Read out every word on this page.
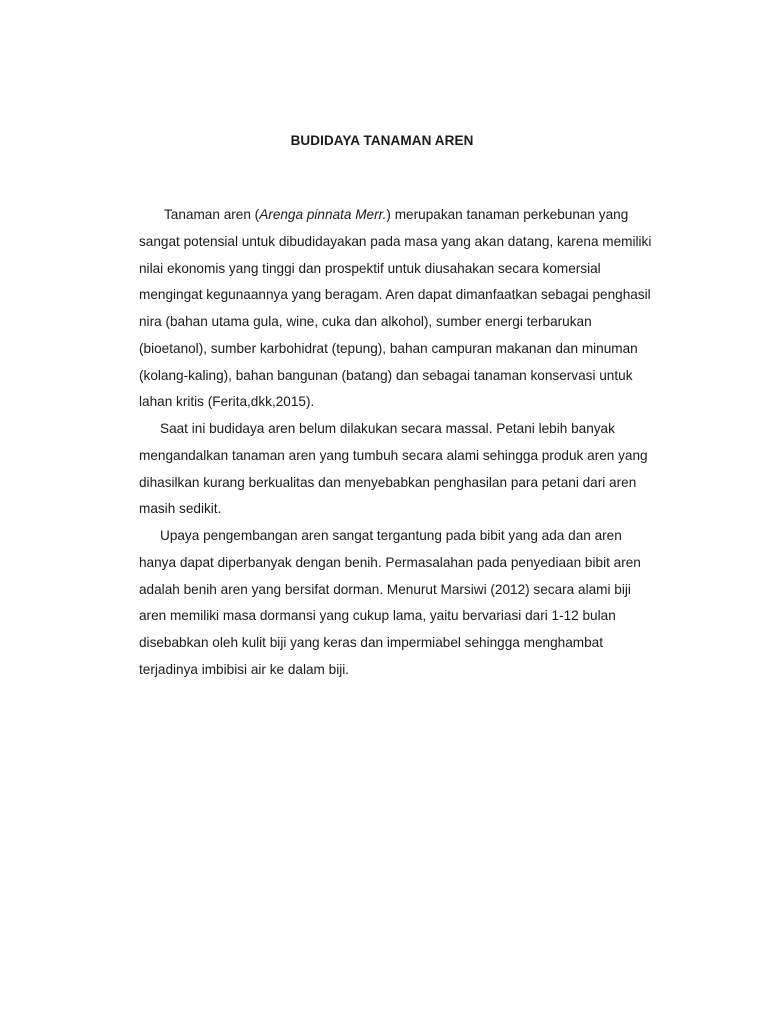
BUDIDAYA TANAMAN AREN
Tanaman aren (Arenga pinnata Merr.) merupakan tanaman perkebunan yang
sangat potensial untuk dibudidayakan pada masa yang akan datang, karena memiliki
nilai ekonomis yang tinggi dan prospektif untuk diusahakan secara komersial
mengingat kegunaannya yang beragam. Aren dapat dimanfaatkan sebagai penghasil
nira (bahan utama gula, wine, cuka dan alkohol), sumber energi terbarukan
(bioetanol), sumber karbohidrat (tepung), bahan campuran makanan dan minuman
(kolang-kaling), bahan bangunan (batang) dan sebagai tanaman konservasi untuk
lahan kritis (Ferita,dkk,2015).
Saat ini budidaya aren belum dilakukan secara massal. Petani lebih banyak
mengandalkan tanaman aren yang tumbuh secara alami sehingga produk aren yang
dihasilkan kurang berkualitas dan menyebabkan penghasilan para petani dari aren
masih sedikit.
Upaya pengembangan aren sangat tergantung pada bibit yang ada dan aren
hanya dapat diperbanyak dengan benih. Permasalahan pada penyediaan bibit aren
adalah benih aren yang bersifat dorman. Menurut Marsiwi (2012) secara alami biji
aren memiliki masa dormansi yang cukup lama, yaitu bervariasi dari 1-12 bulan
disebabkan oleh kulit biji yang keras dan impermiabel sehingga menghambat
terjadinya imbibisi air ke dalam biji.
